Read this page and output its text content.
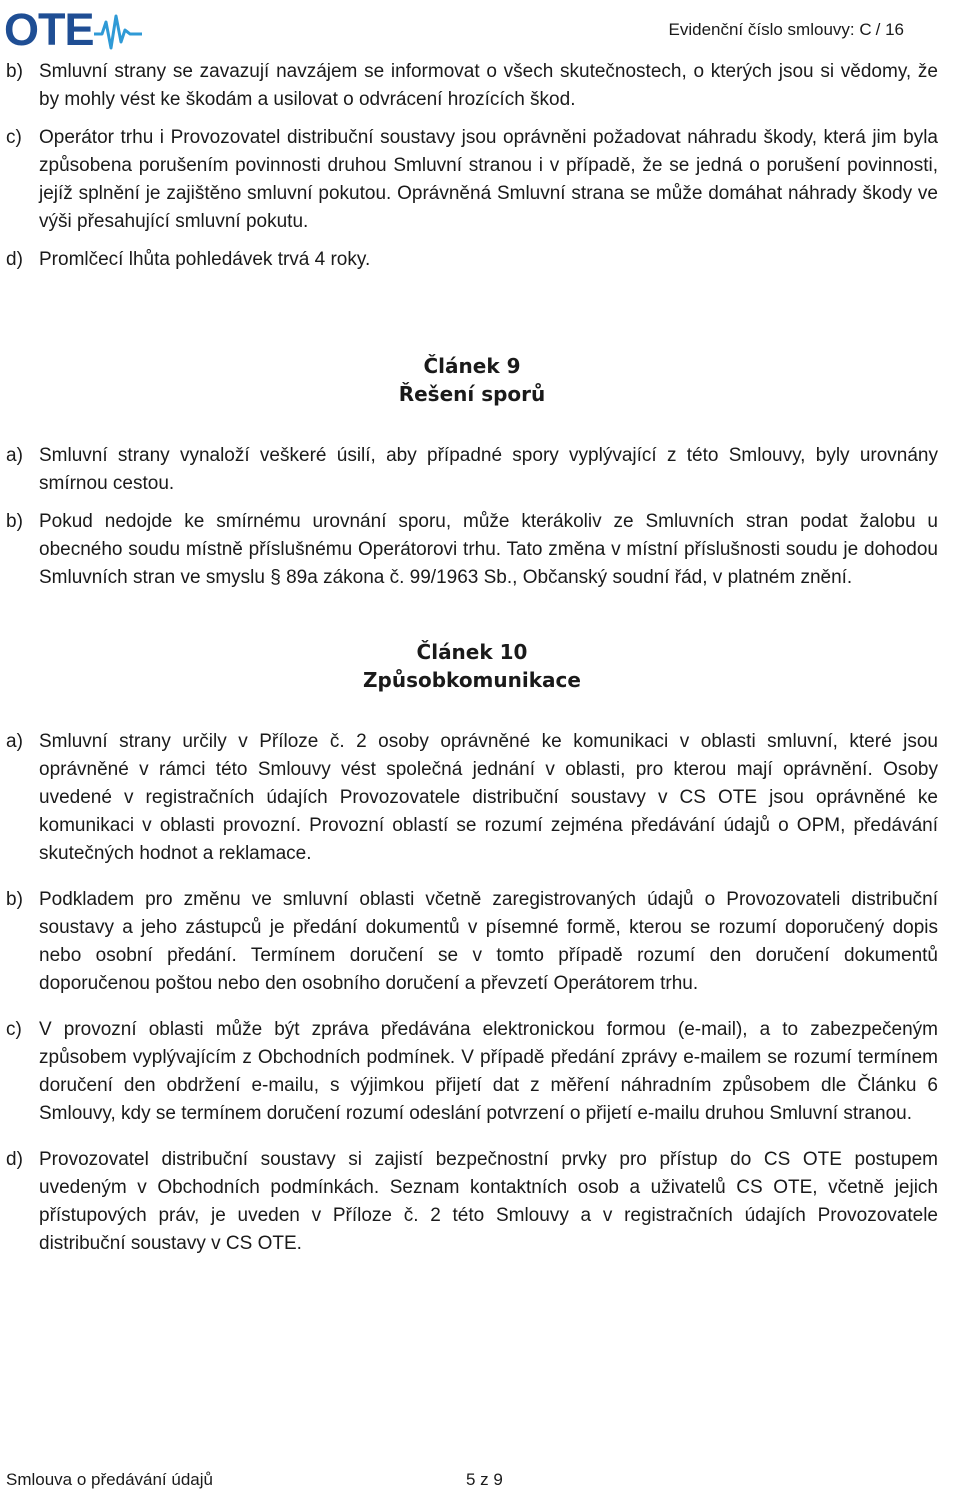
OTE	Evidenční číslo smlouvy: C / 16
b) Smluvní strany se zavazují navzájem se informovat o všech skutečnostech, o kterých jsou si vědomy, že by mohly vést ke škodám a usilovat o odvrácení hrozících škod.
c) Operátor trhu i Provozovatel distribuční soustavy jsou oprávněni požadovat náhradu škody, která jim byla způsobena porušením povinnosti druhou Smluvní stranou i v případě, že se jedná o porušení povinnosti, jejíž splnění je zajištěno smluvní pokutou. Oprávněná Smluvní strana se může domáhat náhrady škody ve výši přesahující smluvní pokutu.
d) Promlčecí lhůta pohledávek trvá 4 roky.
Článek 9
Řešení sporů
a) Smluvní strany vynaloží veškeré úsilí, aby případné spory vyplývající z této Smlouvy, byly urovnány smírnou cestou.
b) Pokud nedojde ke smírnému urovnání sporu, může kterákoliv ze Smluvních stran podat žalobu u obecného soudu místně příslušnému Operátorovi trhu. Tato změna v místní příslušnosti soudu je dohodou Smluvních stran ve smyslu § 89a zákona č. 99/1963 Sb., Občanský soudní řád, v platném znění.
Článek 10
Způsobkomunikace
a) Smluvní strany určily v Příloze č. 2 osoby oprávněné ke komunikaci v oblasti smluvní, které jsou oprávněné v rámci této Smlouvy vést společná jednání v oblasti, pro kterou mají oprávnění. Osoby uvedené v registračních údajích Provozovatele distribuční soustavy v CS OTE jsou oprávněné ke komunikaci v oblasti provozní. Provozní oblastí se rozumí zejména předávání údajů o OPM, předávání skutečných hodnot a reklamace.
b) Podkladem pro změnu ve smluvní oblasti včetně zaregistrovaných údajů o Provozovateli distribuční soustavy a jeho zástupců je předání dokumentů v písemné formě, kterou se rozumí doporučený dopis nebo osobní předání. Termínem doručení se v tomto případě rozumí den doručení dokumentů doporučenou poštou nebo den osobního doručení a převzetí Operátorem trhu.
c) V provozní oblasti může být zpráva předávána elektronickou formou (e-mail), a to zabezpečeným způsobem vyplývajícím z Obchodních podmínek. V případě předání zprávy e-mailem se rozumí termínem doručení den obdržení e-mailu, s výjimkou přijetí dat z měření náhradním způsobem dle Článku 6 Smlouvy, kdy se termínem doručení rozumí odeslání potvrzení o přijetí e-mailu druhou Smluvní stranou.
d) Provozovatel distribuční soustavy si zajistí bezpečnostní prvky pro přístup do CS OTE postupem uvedeným v Obchodních podmínkách. Seznam kontaktních osob a uživatelů CS OTE, včetně jejich přístupových práv, je uveden v Příloze č. 2 této Smlouvy a v registračních údajích Provozovatele distribuční soustavy v CS OTE.
Smlouva o předávání údajů	5 z 9
